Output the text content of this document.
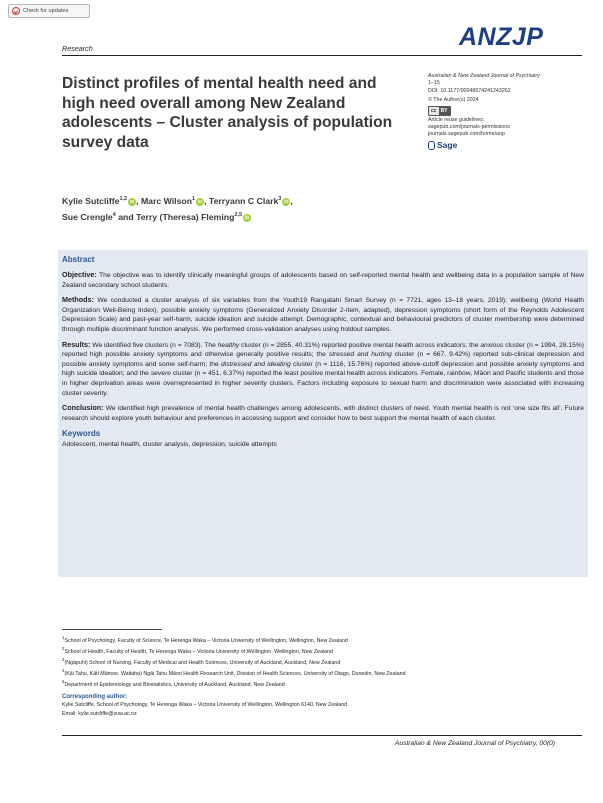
Check for updates
Research	ANZJP
Distinct profiles of mental health need and high need overall among New Zealand adolescents – Cluster analysis of population survey data
Australian & New Zealand Journal of Psychiatry
1–15
DOI: 10.1177/00048674241243262
© The Author(s) 2024
cc BY
Article reuse guidelines:
sagepub.com/journals-permissions
journals.sagepub.com/home/anp
Sage
Kylie Sutcliffe$^{1,2}$ iD , Marc Wilson$^1$ iD , Terryann C Clark$^3$ iD ,
Sue Crengle$^4$ and Terry (Theresa) Fleming$^{2,5}$ iD
Abstract

Objective: The objective was to identify clinically meaningful groups of adolescents based on self-reported mental health and wellbeing data in a population sample of New Zealand secondary school students.

Methods: We conducted a cluster analysis of six variables from the Youth19 Rangatahi Smart Survey (n = 7721, ages 13–18 years, 2019); wellbeing (World Health Organization Well-Being Index), possible anxiety symptoms (Generalized Anxiety Disorder 2-item, adapted), depression symptoms (short form of the Reynolds Adolescent Depression Scale) and past-year self-harm, suicide ideation and suicide attempt. Demographic, contextual and behavioural predictors of cluster membership were determined through multiple discriminant function analysis. We performed cross-validation analyses using holdout samples.

Results: We identified five clusters (n = 7083). The healthy cluster (n = 2855, 40.31%) reported positive mental health across indicators; the anxious cluster (n = 1994, 28.15%) reported high possible anxiety symptoms and otherwise generally positive results; the stressed and hurting cluster (n = 667, 9.42%) reported sub-clinical depression and possible anxiety symptoms and some self-harm; the distressed and ideating cluster (n = 1116, 15.76%) reported above-cutoff depression and possible anxiety symptoms and high suicide ideation; and the severe cluster (n = 451, 6.37%) reported the least positive mental health across indicators. Female, rainbow, Māori and Pacific students and those in higher deprivation areas were overrepresented in higher severity clusters. Factors including exposure to sexual harm and discrimination were associated with increasing cluster severity.

Conclusion: We identified high prevalence of mental health challenges among adolescents, with distinct clusters of need. Youth mental health is not ‘one size fits all’. Future research should explore youth behaviour and preferences in accessing support and consider how to best support the mental health of each cluster.

Keywords
Adolescent, mental health, cluster analysis, depression, suicide attempts
$^1$School of Psychology, Faculty of Science, Te Herenga Waka – Victoria University of Wellington, Wellington, New Zealand
$^2$School of Health, Faculty of Health, Te Herenga Waka – Victoria University of Wellington, Wellington, New Zealand
$^3$(Ngāpuhi) School of Nursing, Faculty of Medical and Health Sciences, University of Auckland, Auckland, New Zealand
$^4$(Kāi Tahu, Kāti Māmoe, Waitaha) Ngāi Tahu Māori Health Research Unit, Division of Health Sciences, University of Otago, Dunedin, New Zealand
$^5$Department of Epidemiology and Biostatistics, University of Auckland, Auckland, New Zealand
Corresponding author:
Kylie Sutcliffe, School of Psychology, Te Herenga Waka – Victoria University of Wellington, Wellington 6140, New Zealand.
Email: kylie.sutcliffe@vuw.ac.nz
Australian & New Zealand Journal of Psychiatry, 00(0)
